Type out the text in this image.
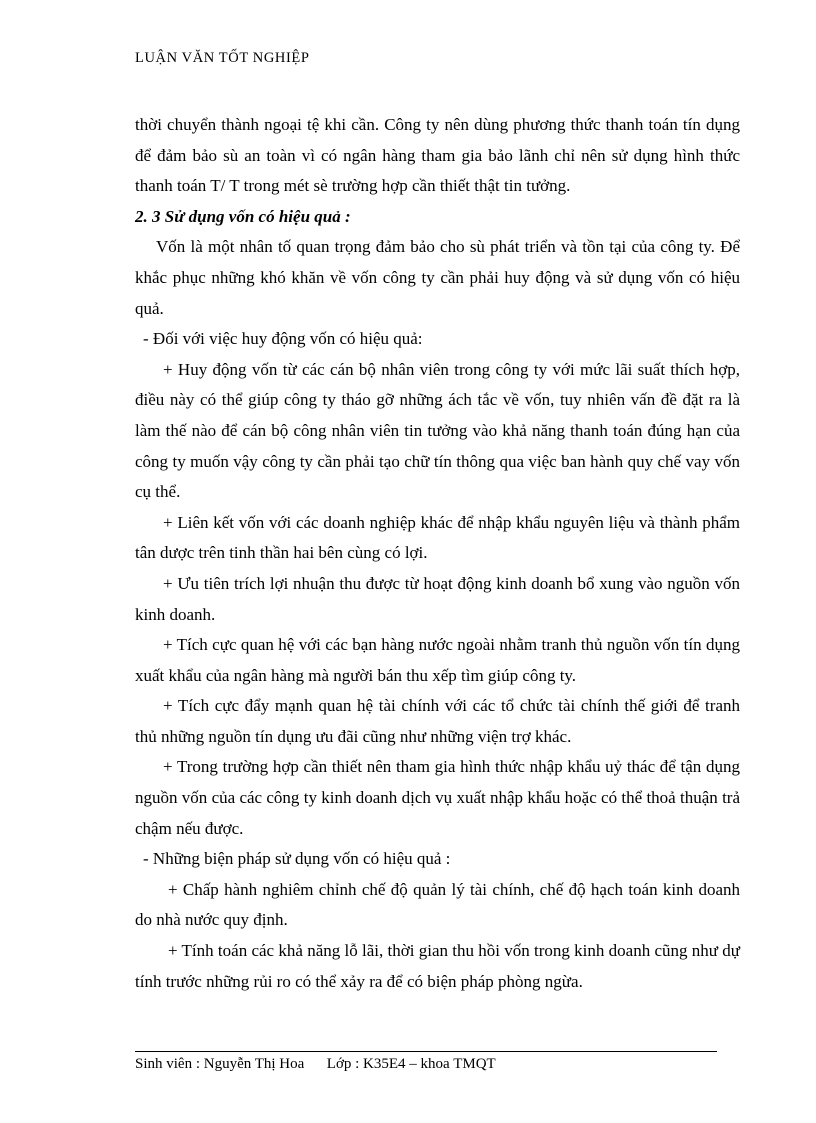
LUẬN VĂN TỐT NGHIỆP

thời chuyển thành ngoại tệ khi cần. Công ty nên dùng phương thức thanh toán tín dụng để đảm bảo sù an toàn vì có ngân hàng tham gia bảo lãnh chỉ nên sử dụng hình thức thanh toán T/ T trong mét sè trường hợp cần thiết thật tin tưởng.

2. 3 Sử dụng vốn có hiệu quả :

Vốn là một nhân tố quan trọng đảm bảo cho sù phát triển và tồn tại của công ty. Để khắc phục những khó khăn về vốn công ty cần phải huy động và sử dụng vốn có hiệu quả.

- Đối với việc huy động vốn có hiệu quả:

+ Huy động vốn từ các cán bộ nhân viên trong công ty với mức lãi suất thích hợp, điều này có thể giúp công ty tháo gỡ những ách tắc về vốn, tuy nhiên vấn đề đặt ra là làm thế nào để cán bộ công nhân viên tin tưởng vào khả năng thanh toán đúng hạn của công ty muốn vậy công ty cần phải tạo chữ tín thông qua việc ban hành quy chế vay vốn cụ thể.

+ Liên kết vốn với các doanh nghiệp khác để nhập khẩu nguyên liệu và thành phẩm tân dược trên tinh thần hai bên cùng có lợi.

+ Ưu tiên trích lợi nhuận thu được từ hoạt động kinh doanh bổ xung vào nguồn vốn kinh doanh.

+ Tích cực quan hệ với các bạn hàng nước ngoài nhằm tranh thủ nguồn vốn tín dụng xuất khẩu của ngân hàng mà người bán thu xếp tìm giúp công ty.

+ Tích cực đẩy mạnh quan hệ tài chính với các tổ chức tài chính thế giới để tranh thủ những nguồn tín dụng ưu đãi cũng như những viện trợ khác.

+ Trong trường hợp cần thiết nên tham gia hình thức nhập khẩu uỷ thác để tận dụng nguồn vốn của các công ty kinh doanh dịch vụ xuất nhập khẩu hoặc có thể thoả thuận trả chậm nếu được.

- Những biện pháp sử dụng vốn có hiệu quả :

+ Chấp hành nghiêm chỉnh chế độ quản lý tài chính, chế độ hạch toán kinh doanh do nhà nước quy định.

+ Tính toán các khả năng lỗ lãi, thời gian thu hồi vốn trong kinh doanh cũng như dự tính trước những rủi ro có thể xảy ra để có biện pháp phòng ngừa.

Sinh viên : Nguyễn Thị Hoa Lớp : K35E4 – khoa TMQT
